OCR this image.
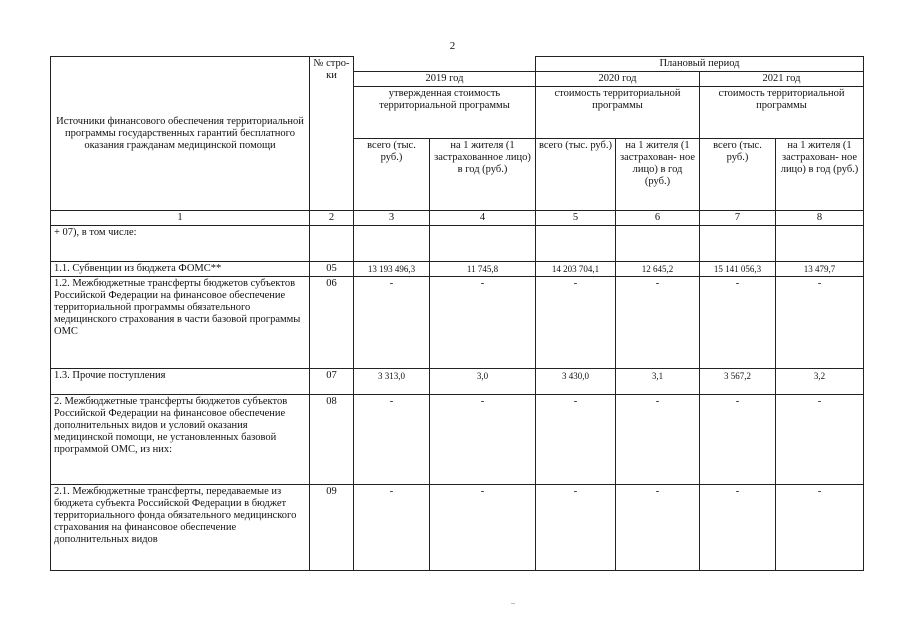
2
Источники финансового обеспечения территориальной программы государственных гарантий бесплатного оказания гражданам медицинской помощи	№ стро- ки			Плановый период			
		2019 год		2020 год		2021 год	
		утвержденная стоимость территориальной программы		стоимость территориальной программы		стоимость территориальной программы	
		всего (тыс. руб.)	на 1 жителя (1 застрахованное лицо) в год (руб.)	всего (тыс. руб.)	на 1 жителя (1 застрахован- ное лицо) в год (руб.)	всего (тыс. руб.)	на 1 жителя (1 застрахован- ное лицо) в год (руб.)

1	2	3	4	5	6	7	8
+ 07), в том числе:							
1.1. Субвенции из бюджета ФОМС**	05	13 193 496,3	11 745,8	14 203 704,1	12 645,2	15 141 056,3	13 479,7
1.2. Межбюджетные трансферты бюджетов субъектов Российской Федерации на финансовое обеспечение территориальной программы обязательного медицинского страхования в части базовой программы ОМС	06	-	-	-	-	-	-
1.3. Прочие поступления	07	3 313,0	3,0	3 430,0	3,1	3 567,2	3,2
2. Межбюджетные трансферты бюджетов субъектов Российской Федерации на финансовое обеспечение дополнительных видов и условий оказания медицинской помощи, не установленных базовой программой ОМС, из них:	08	-	-	-	-	-	-
2.1. Межбюджетные трансферты, передаваемые из бюджета субъекта Российской Федерации в бюджет территориального фонда обязательного медицинского страхования на финансовое обеспечение дополнительных видов	09	-	-	-	-	-	-
